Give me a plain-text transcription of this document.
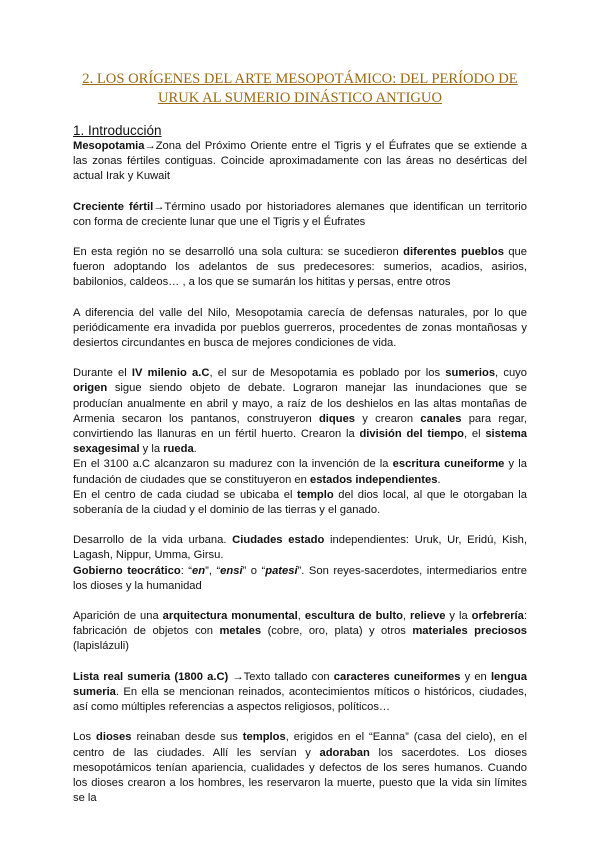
2. LOS ORÍGENES DEL ARTE MESOPOTÁMICO: DEL PERÍODO DE URUK AL SUMERIO DINÁSTICO ANTIGUO
1. Introducción

Mesopotamia→Zona del Próximo Oriente entre el Tigris y el Éufrates que se extiende a las zonas fértiles contiguas. Coincide aproximadamente con las áreas no desérticas del actual Irak y Kuwait

Creciente fértil→Término usado por historiadores alemanes que identifican un territorio con forma de creciente lunar que une el Tigris y el Éufrates

En esta región no se desarrolló una sola cultura: se sucedieron diferentes pueblos que fueron adoptando los adelantos de sus predecesores: sumerios, acadios, asirios, babilonios, caldeos… , a los que se sumarán los hititas y persas, entre otros

A diferencia del valle del Nilo, Mesopotamia carecía de defensas naturales, por lo que periódicamente era invadida por pueblos guerreros, procedentes de zonas montañosas y desiertos circundantes en busca de mejores condiciones de vida.

Durante el IV milenio a.C, el sur de Mesopotamia es poblado por los sumerios, cuyo origen sigue siendo objeto de debate. Lograron manejar las inundaciones que se producían anualmente en abril y mayo, a raíz de los deshielos en las altas montañas de Armenia secaron los pantanos, construyeron diques y crearon canales para regar, convirtiendo las llanuras en un fértil huerto. Crearon la división del tiempo, el sistema sexagesimal y la rueda.

En el 3100 a.C alcanzaron su madurez con la invención de la escritura cuneiforme y la fundación de ciudades que se constituyeron en estados independientes.

En el centro de cada ciudad se ubicaba el templo del dios local, al que le otorgaban la soberanía de la ciudad y el dominio de las tierras y el ganado.

Desarrollo de la vida urbana. Ciudades estado independientes: Uruk, Ur, Eridú, Kish, Lagash, Nippur, Umma, Girsu.

Gobierno teocrático: “en”, “ensi” o “patesi”. Son reyes-sacerdotes, intermediarios entre los dioses y la humanidad

Aparición de una arquitectura monumental, escultura de bulto, relieve y la orfebrería: fabricación de objetos con metales (cobre, oro, plata) y otros materiales preciosos (lapislázuli)

Lista real sumeria (1800 a.C) →Texto tallado con caracteres cuneiformes y en lengua sumeria. En ella se mencionan reinados, acontecimientos míticos o históricos, ciudades, así como múltiples referencias a aspectos religiosos, políticos…

Los dioses reinaban desde sus templos, erigidos en el “Eanna” (casa del cielo), en el centro de las ciudades. Allí les servían y adoraban los sacerdotes. Los dioses mesopotámicos tenían apariencia, cualidades y defectos de los seres humanos. Cuando los dioses crearon a los hombres, les reservaron la muerte, puesto que la vida sin límites se la
